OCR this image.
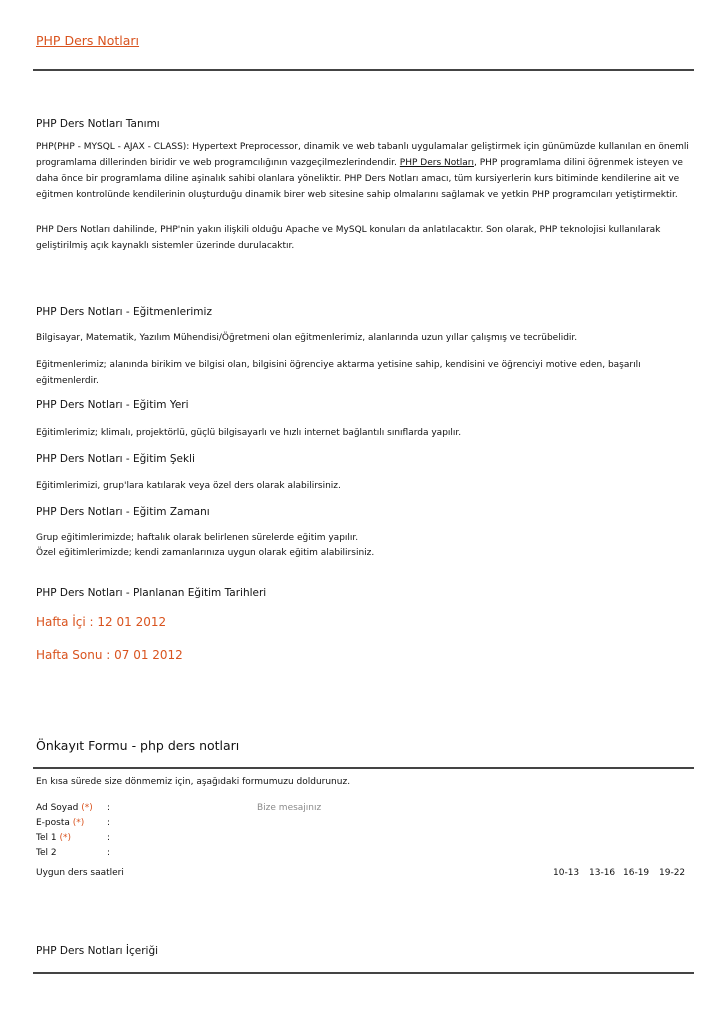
PHP Ders Notları
PHP Ders Notları Tanımı
PHP(PHP - MYSQL - AJAX - CLASS): Hypertext Preprocessor, dinamik ve web tabanlı uygulamalar geliştirmek için günümüzde kullanılan en önemli programlama dillerinden biridir ve web programcılığının vazgeçilmezlerindendir. PHP Ders Notları, PHP programlama dilini öğrenmek isteyen ve daha önce bir programlama diline aşinalık sahibi olanlara yöneliktir. PHP Ders Notları amacı, tüm kursiyerlerin kurs bitiminde kendilerine ait ve eğitmen kontrolünde kendilerinin oluşturduğu dinamik birer web sitesine sahip olmalarını sağlamak ve yetkin PHP programcıları yetiştirmektir.
PHP Ders Notları dahilinde, PHP'nin yakın ilişkili olduğu Apache ve MySQL konuları da anlatılacaktır. Son olarak, PHP teknolojisi kullanılarak geliştirilmiş açık kaynaklı sistemler üzerinde durulacaktır.
PHP Ders Notları - Eğitmenlerimiz
Bilgisayar, Matematik, Yazılım Mühendisi/Öğretmeni olan eğitmenlerimiz, alanlarında uzun yıllar çalışmış ve tecrübelidir.
Eğitmenlerimiz; alanında birikim ve bilgisi olan, bilgisini öğrenciye aktarma yetisine sahip, kendisini ve öğrenciyi motive eden, başarılı eğitmenlerdir.
PHP Ders Notları - Eğitim Yeri
Eğitimlerimiz; klimalı, projektörlü, güçlü bilgisayarlı ve hızlı internet bağlantılı sınıflarda yapılır.
PHP Ders Notları - Eğitim Şekli
Eğitimlerimizi, grup'lara katılarak veya özel ders olarak alabilirsiniz.
PHP Ders Notları - Eğitim Zamanı
Grup eğitimlerimizde; haftalık olarak belirlenen sürelerde eğitim yapılır.
Özel eğitimlerimizde; kendi zamanlarınıza uygun olarak eğitim alabilirsiniz.
PHP Ders Notları - Planlanan Eğitim Tarihleri
Hafta İçi : 12 01 2012
Hafta Sonu : 07 01 2012
Önkayıt Formu - php ders notları
En kısa sürede size dönmemiz için, aşağıdaki formumuzu doldurunuz.
Ad Soyad (*) :
E-posta (*)	:
Tel 1 (*)	:
Tel 2	:
Bize mesajınız
Uygun ders saatleri	10-13 13-16 16-19 19-22
PHP Ders Notları İçeriği
